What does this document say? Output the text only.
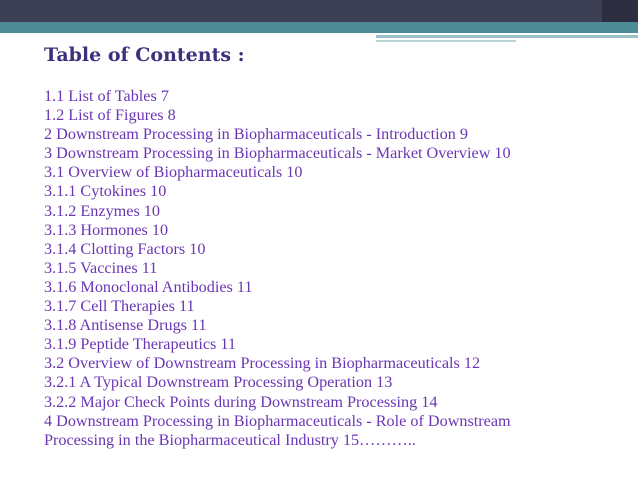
Table of Contents :
1.1 List of Tables 7
1.2 List of Figures 8
2 Downstream Processing in Biopharmaceuticals - Introduction 9
3 Downstream Processing in Biopharmaceuticals - Market Overview 10
3.1 Overview of Biopharmaceuticals 10
3.1.1 Cytokines 10
3.1.2 Enzymes 10
3.1.3 Hormones 10
3.1.4 Clotting Factors 10
3.1.5 Vaccines 11
3.1.6 Monoclonal Antibodies 11
3.1.7 Cell Therapies 11
3.1.8 Antisense Drugs 11
3.1.9 Peptide Therapeutics 11
3.2 Overview of Downstream Processing in Biopharmaceuticals 12
3.2.1 A Typical Downstream Processing Operation 13
3.2.2 Major Check Points during Downstream Processing 14
4 Downstream Processing in Biopharmaceuticals - Role of Downstream
Processing in the Biopharmaceutical Industry 15………..
